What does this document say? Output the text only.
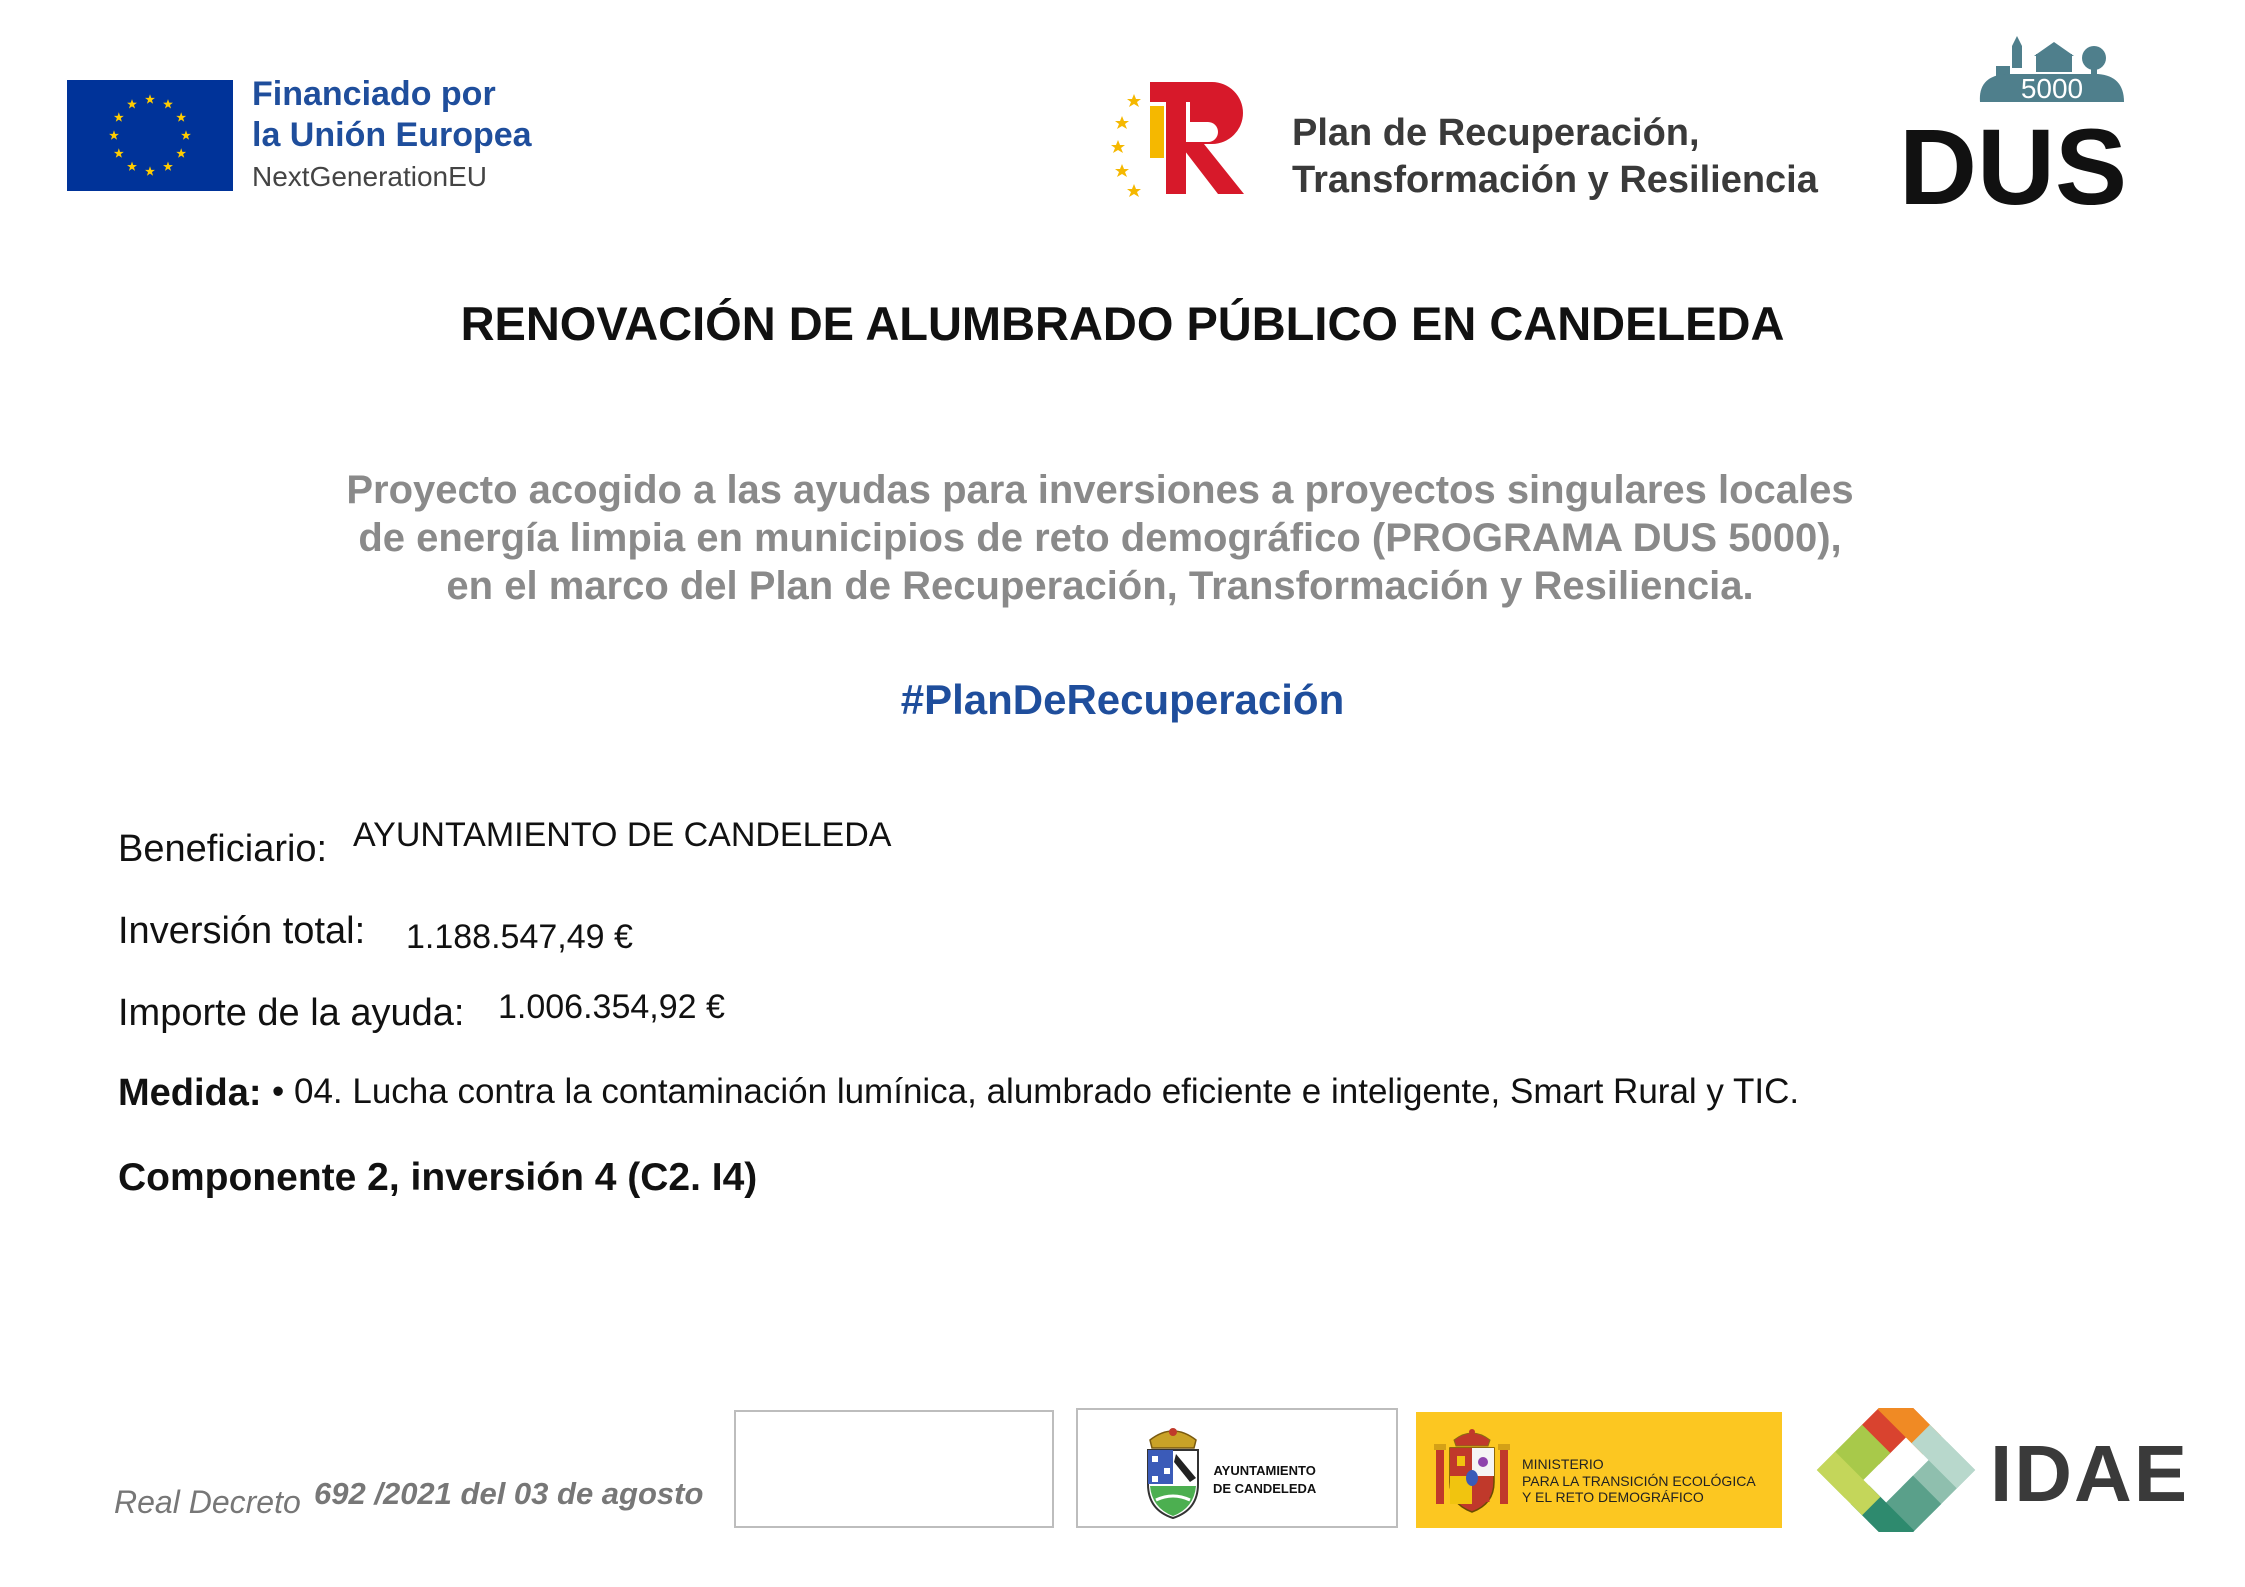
Financiado por
la Unión Europea
NextGenerationEU
Plan de Recuperación,
Transformación y Resiliencia
5000
DUS
RENOVACIÓN DE ALUMBRADO PÚBLICO EN CANDELEDA
Proyecto acogido a las ayudas para inversiones a proyectos singulares locales
de energía limpia en municipios de reto demográfico (PROGRAMA DUS 5000),
en el marco del Plan de Recuperación, Transformación y Resiliencia.
#PlanDeRecuperación
Beneficiario: AYUNTAMIENTO DE CANDELEDA
Inversión total: 1.188.547,49 €
Importe de la ayuda: 1.006.354,92 €
Medida: • 04. Lucha contra la contaminación lumínica, alumbrado eficiente e inteligente, Smart Rural y TIC.
Componente 2, inversión 4 (C2. I4)
Real Decreto 692 /2021 del 03 de agosto
AYUNTAMIENTO
DE CANDELEDA
MINISTERIO
PARA LA TRANSICIÓN ECOLÓGICA
Y EL RETO DEMOGRÁFICO	IDAE
